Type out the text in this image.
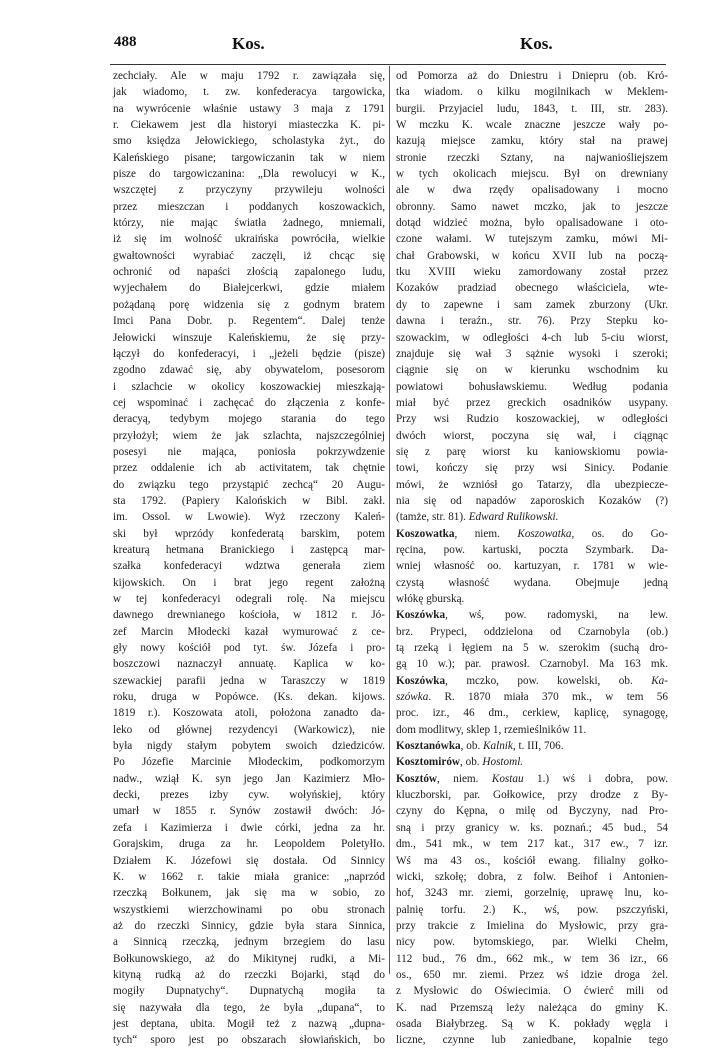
488	Kos.	Kos.
zechciały. Ale w maju 1792 r. zawiązała się,
jak wiadomo, t. zw. konfederacya targowicka,
na wywrócenie właśnie ustawy 3 maja z 1791
r. Ciekawem jest dla historyi miasteczka K. pi-
smo księdza Jełowickiego, scholastyka żyt., do
Kaleńskiego pisane; targowiczanin tak w niem
pisze do targowiczanina: „Dla rewolucyi w K.,
wszczętej z przyczyny przywileju wolności
przez mieszczan i poddanych koszowackich,
którzy, nie mając światła żadnego, mniemali,
iż się im wolność ukraińska powróciła, wielkie
gwałtowności wyrabiać zaczęli, iż chcąc się
ochronić od napaści złością zapalonego ludu,
wyjechałem do Białejcerkwi, gdzie miałem
pożądaną porę widzenia się z godnym bratem
Imci Pana Dobr. p. Regentem“. Dalej tenże
Jełowicki winszuje Kaleńskiemu, że się przy-
łączył do konfederacyi, i „jeżeli będzie (pisze)
zgodno zdawać się, aby obywatelom, posesorom
i szlachcie w okolicy koszowackiej mieszkają-
cej wspominać i zachęcać do złączenia z konfe-
deracyą, tedybym mojego starania do tego
przyłożył; wiem że jak szlachta, najszczególniej
posesyi nie mająca, poniosła pokrzywdzenie
przez oddalenie ich ab activitatem, tak chętnie
do związku tego przystąpić zechcą“ 20 Augu-
sta 1792. (Papiery Kalońskich w Bibl. zakł.
im. Ossol. w Lwowie). Wyż rzeczony Kaleń-
ski był wprzódy konfederatą barskim, potem
kreaturą hetmana Branickiego i zastępcą mar-
szałka konfederacyi wdztwa generała ziem
kijowskich. On i brat jego regent założną
w tej konfederacyi odegrali rolę. Na miejscu
dawnego drewnianego kościoła, w 1812 r. Jó-
zef Marcin Młodecki kazał wymurować z ce-
gły nowy kościół pod tyt. św. Józefa i pro-
boszczowi naznaczył annuatę. Kaplica w ko-
szewackiej parafii jedna w Taraszczy w 1819
roku, druga w Popówce. (Ks. dekan. kijows.
1819 r.). Koszowata atoli, położona zanadto da-
leko od głównej rezydencyi (Warkowicz), nie
była nigdy stałym pobytem swoich dziedziców.
Po Józefie Marcinie Młodeckim, podkomorzym
nadw., wziął K. syn jego Jan Kazimierz Mło-
decki, prezes izby cyw. wołyńskiej, który
umarł w 1855 r. Synów zostawił dwóch: Jó-
zefa i Kazimierza i dwie córki, jedna za hr.
Gorajskim, druga za hr. Leopoldem PoletyłIo.
Działem K. Józefowi się dostała. Od Sinnicy
K. w 1662 r. takie miała granice: „naprzód
rzeczką Bołkunem, jak się ma w sobio, zo
wszystkiemi wierzchowinami po obu stronach
aż do rzeczki Sinnicy, gdzie była stara Sinnica,
a Sinnicą rzeczką, jednym brzegiem do lasu
Bołkunowskiego, aż do Mikitynej rudki, a Mi-
kityną rudką aż do rzeczki Bojarki, stąd do
mogiły Dupnatychy“. Dupnatychą mogiła ta
się nazywała dla tego, że była „dupana“, to
jest deptana, ubita. Mogił też z nazwą „dupna-
tych“ sporo jest po obszarach słowiańskich, bo
od Pomorza aż do Dniestru i Dniepru (ob. Kró-
tka wiadom. o kilku mogilnikach w Meklem-
burgii. Przyjaciel ludu, 1843, t. III, str. 283).
W mczku K. wcale znaczne jeszcze wały po-
kazują miejsce zamku, który stał na prawej
stronie rzeczki Sztany, na najwaniośliejszem
w tych okolicach miejscu. Był on drewniany
ale w dwa rzędy opalisadowany i mocno
obronny. Samo nawet mczko, jak to jeszcze
dotąd widzieć można, było opalisadowane i oto-
czone wałami. W tutejszym zamku, mówi Mi-
chał Grabowski, w końcu XVII lub na począ-
tku XVIII wieku zamordowany został przez
Kozaków pradziad obecnego właściciela, wte-
dy to zapewne i sam zamek zburzony (Ukr.
dawna i teraźn., str. 76). Przy Stepku ko-
szowackim, w odległości 4-ch lub 5-ciu wiorst,
znajduje się wał 3 sążnie wysoki i szeroki;
ciągnie się on w kierunku wschodnim ku
powiatowi bohusławskiemu. Według podania
miał być przez greckich osadników usypany.
Przy wsi Rudzio koszowackiej, w odległości
dwóch wiorst, poczyna się wał, i ciągnąc
się z parę wiorst ku kaniowskiomu powia-
towi, kończy się przy wsi Sinicy. Podanie
mówi, że wzniósł go Tatarzy, dla ubezpiecze-
nia się od napadów zaporoskich Kozaków (?)
(tamże, str. 81). Edward Rulikowski.
Koszowatka, niem. Koszowatka, os. do Go-
ręcina, pow. kartuski, poczta Szymbark. Da-
wniej własność oo. kartuzyan, r. 1781 w wie-
czystą własność wydana. Obejmuje jedną
włókę gburską.
Koszówka, wś, pow. radomyski, na lew.
brz. Prypeci, oddzielona od Czarnobyla (ob.)
tą rzeką i łęgiem na 5 w. szerokim (suchą dro-
gą 10 w.); par. prawosł. Czarnobyl. Ma 163 mk.
Koszówka, mczko, pow. kowelski, ob. Ka-
szówka. R. 1870 miała 370 mk., w tem 56
proc. izr., 46 dm., cerkiew, kaplicę, synagogę,
dom modlitwy, sklep 1, rzemieślników 11.
Kosztanówka, ob. Kalnik, t. III, 706.
Kosztomirów, ob. Hostoml.
Kosztów, niem. Kostau 1.) wś i dobra, pow.
kluczborski, par. Gołkowice, przy drodze z By-
czyny do Kępna, o milę od Byczyny, nad Pro-
sną i przy granicy w. ks. poznań.; 45 bud., 54
dm., 541 mk., w tem 217 kat., 317 ew., 7 izr.
Wś ma 43 os., kościół ewang. filialny gołko-
wicki, szkołę; dobra, z folw. Beihof i Antonien-
hof, 3243 mr. ziemi, gorzelnię, uprawę lnu, ko-
palnię torfu. 2.) K., wś, pow. pszczyński,
przy trakcie z Imielina do Mysłowic, przy gra-
nicy pow. bytomskiego, par. Wielki Chełm,
112 bud., 76 dm., 662 mk., w tem 36 izr., 66
os., 650 mr. ziemi. Przez wś idzie droga żel.
z Mysłowic do Oświecimia. O ćwierć mili od
K. nad Przemszą leży należąca do gminy K.
osada Białybrzeg. Są w K. pokłady węgla i
liczne, czynne lub zaniedbane, kopalnie tego
